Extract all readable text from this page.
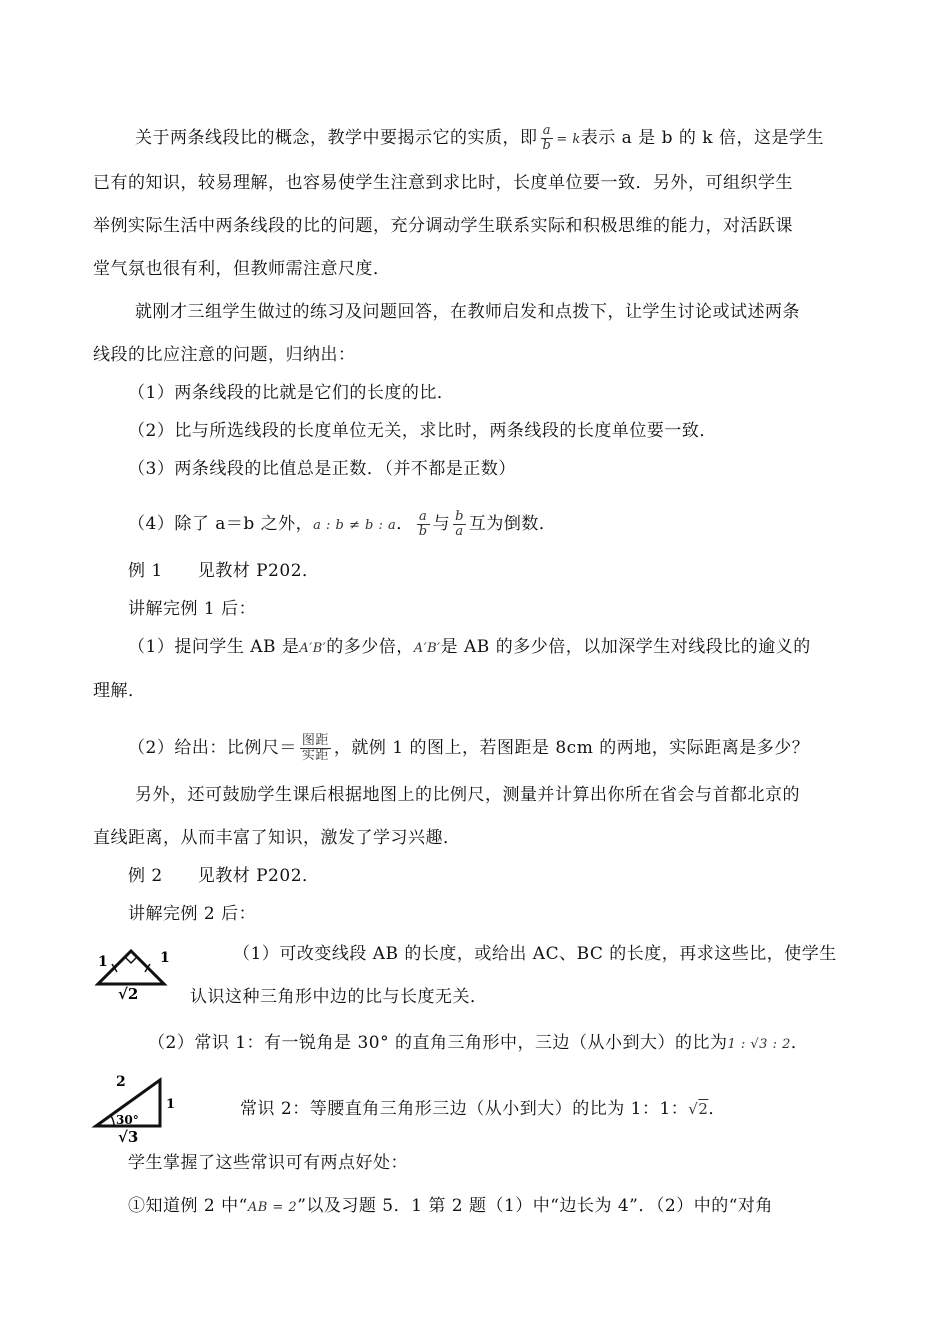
关于两条线段比的概念，教学中要揭示它的实质，即 $\frac{a}{b} = k$表示 a 是 b 的 k 倍，这是学生
已有的知识，较易理解，也容易使学生注意到求比时，长度单位要一致．另外，可组织学生
举例实际生活中两条线段的比的问题，充分调动学生联系实际和积极思维的能力，对活跃课
堂气氛也很有利，但教师需注意尺度．
就刚才三组学生做过的练习及问题回答，在教师启发和点拨下，让学生讨论或试述两条
线段的比应注意的问题，归纳出：
（1）两条线段的比就是它们的长度的比．
（2）比与所选线段的长度单位无关，求比时，两条线段的长度单位要一致．
（3）两条线段的比值总是正数．（并不都是正数）
（4）除了 a＝b 之外，a : b ≠ b : a． $\frac{a}{b}$ 与 $\frac{b}{a}$ 互为倒数．
例 1　　见教材 P202．
讲解完例 1 后：
（1）提问学生 AB 是A′B′的多少倍，A′B′是 AB 的多少倍，以加深学生对线段比的逾义的
理解．
（2）给出：比例尺＝ $\frac{\text{图距}}{\text{实距}}$ ，就例 1 的图上，若图距是 8cm 的两地，实际距离是多少？
另外，还可鼓励学生课后根据地图上的比例尺，测量并计算出你所在省会与首都北京的
直线距离，从而丰富了知识，激发了学习兴趣．
例 2　　见教材 P202．
讲解完例 2 后：
1	1
√2
（1）可改变线段 AB 的长度，或给出 AC、BC 的长度，再求这些比，使学生
认识这种三角形中边的比与长度无关．
（2）常识 1：有一锐角是 30° 的直角三角形中，三边（从小到大）的比为1 : √3 : 2．
2
1
30°
√3
常识 2：等腰直角三角形三边（从小到大）的比为 1：1：√2．
学生掌握了这些常识可有两点好处：
①知道例 2 中“AB = 2”以及习题 5．1 第 2 题（1）中“边长为 4”．（2）中的“对角
